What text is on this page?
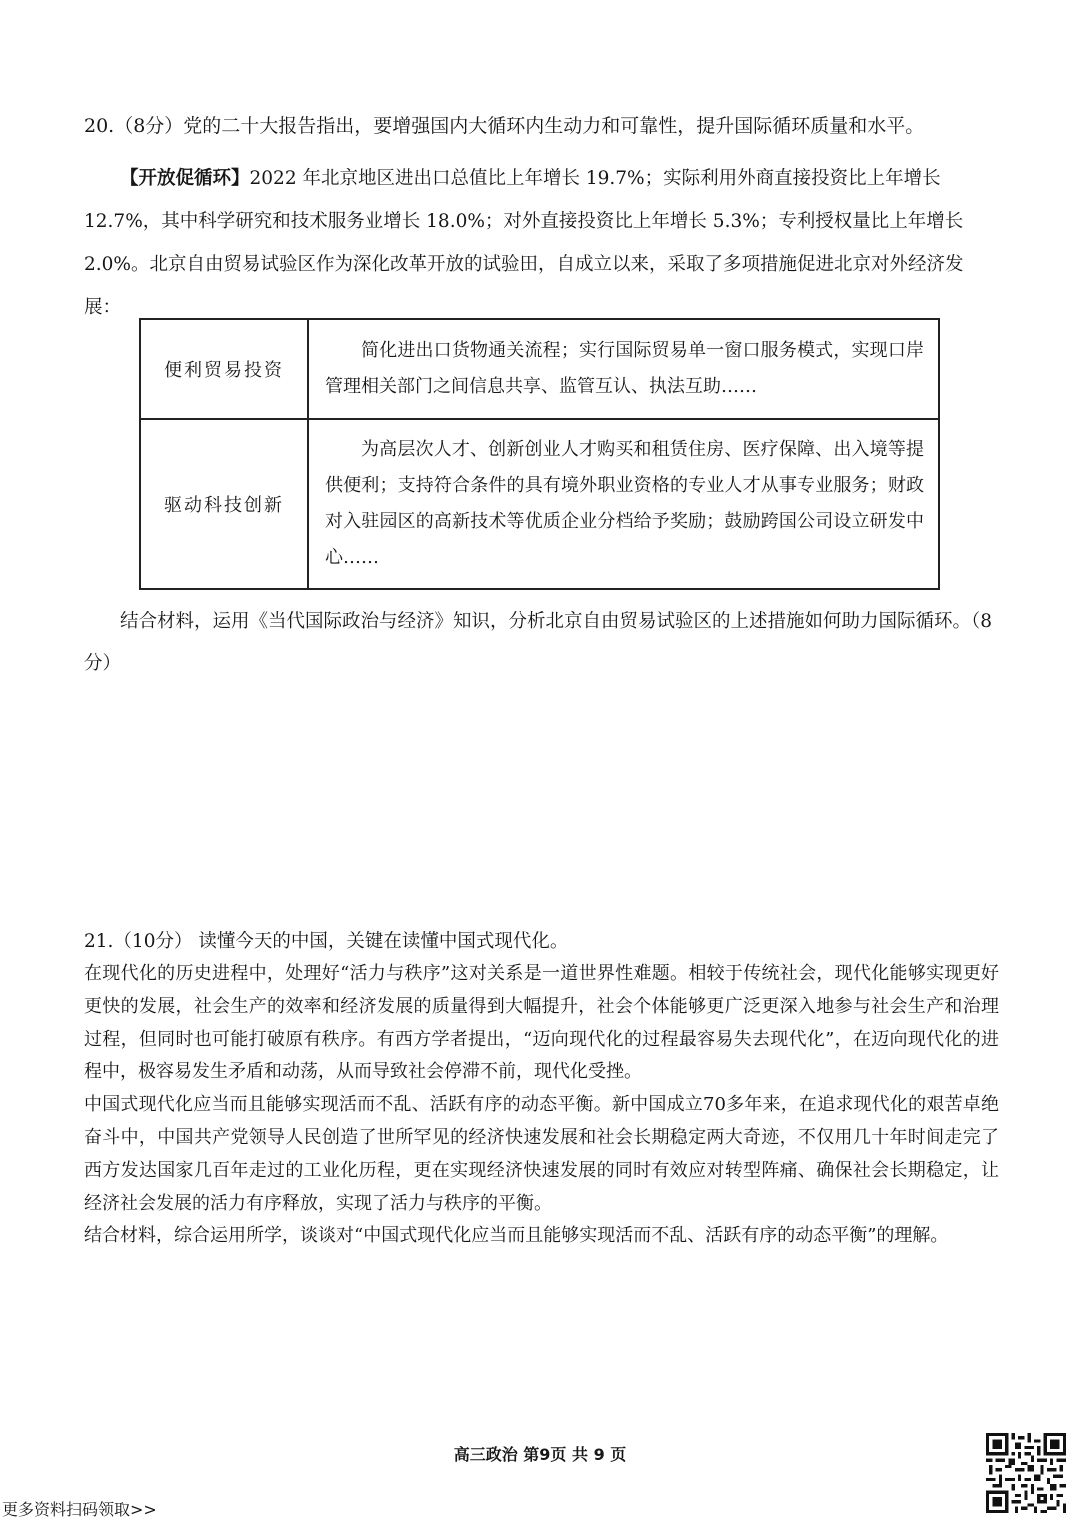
20.（8分）党的二十大报告指出，要增强国内大循环内生动力和可靠性，提升国际循环质量和水平。
【开放促循环】2022 年北京地区进出口总值比上年增长 19.7%；实际利用外商直接投资比上年增长 12.7%，其中科学研究和技术服务业增长 18.0%；对外直接投资比上年增长 5.3%；专利授权量比上年增长 2.0%。北京自由贸易试验区作为深化改革开放的试验田，自成立以来，采取了多项措施促进北京对外经济发展：
便利贸易投资	简化进出口货物通关流程；实行国际贸易单一窗口服务模式，实现口岸管理相关部门之间信息共享、监管互认、执法互助……
驱动科技创新	为高层次人才、创新创业人才购买和租赁住房、医疗保障、出入境等提供便利；支持符合条件的具有境外职业资格的专业人才从事专业服务；财政对入驻园区的高新技术等优质企业分档给予奖励；鼓励跨国公司设立研发中心……
结合材料，运用《当代国际政治与经济》知识，分析北京自由贸易试验区的上述措施如何助力国际循环。（8分）
21.（10分） 读懂今天的中国，关键在读懂中国式现代化。

在现代化的历史进程中，处理好“活力与秩序”这对关系是一道世界性难题。相较于传统社会，现代化能够实现更好更快的发展，社会生产的效率和经济发展的质量得到大幅提升，社会个体能够更广泛更深入地参与社会生产和治理过程，但同时也可能打破原有秩序。有西方学者提出，“迈向现代化的过程最容易失去现代化”，在迈向现代化的进程中，极容易发生矛盾和动荡，从而导致社会停滞不前，现代化受挫。

中国式现代化应当而且能够实现活而不乱、活跃有序的动态平衡。新中国成立70多年来，在追求现代化的艰苦卓绝奋斗中，中国共产党领导人民创造了世所罕见的经济快速发展和社会长期稳定两大奇迹，不仅用几十年时间走完了西方发达国家几百年走过的工业化历程，更在实现经济快速发展的同时有效应对转型阵痛、确保社会长期稳定，让经济社会发展的活力有序释放，实现了活力与秩序的平衡。

结合材料，综合运用所学，谈谈对“中国式现代化应当而且能够实现活而不乱、活跃有序的动态平衡”的理解。

高三政治 第9页 共 9 页
更多资料扫码领取>>
